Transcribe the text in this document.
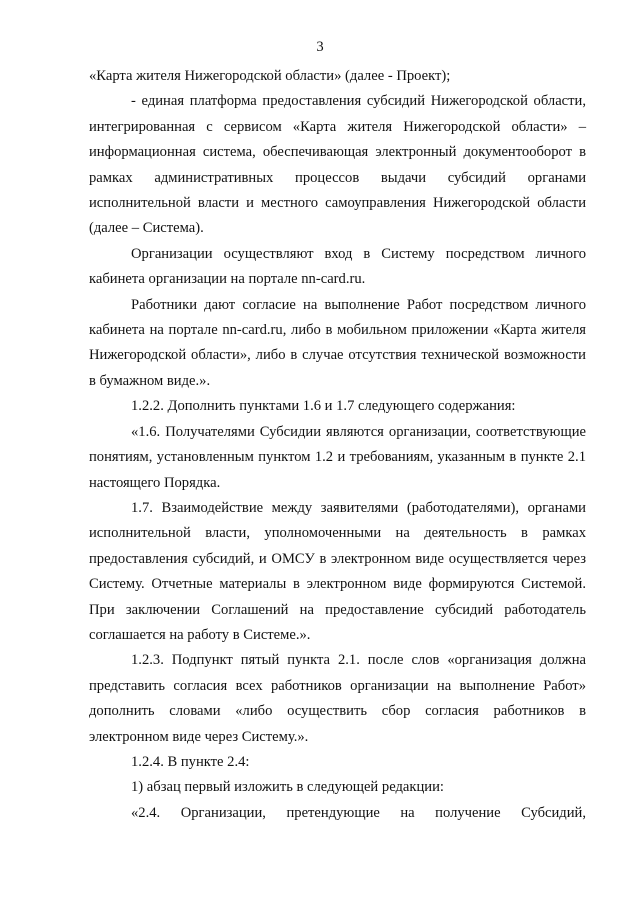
3

«Карта жителя Нижегородской области» (далее - Проект);

- единая платформа предоставления субсидий Нижегородской области, интегрированная с сервисом «Карта жителя Нижегородской области» – информационная система, обеспечивающая электронный документооборот в рамках административных процессов выдачи субсидий органами исполнительной власти и местного самоуправления Нижегородской области (далее – Система).

Организации осуществляют вход в Систему посредством личного кабинета организации на портале nn-card.ru.

Работники дают согласие на выполнение Работ посредством личного кабинета на портале nn-card.ru, либо в мобильном приложении «Карта жителя Нижегородской области», либо в случае отсутствия технической возможности в бумажном виде.».

1.2.2. Дополнить пунктами 1.6 и 1.7 следующего содержания:

«1.6. Получателями Субсидии являются организации, соответствующие понятиям, установленным пунктом 1.2 и требованиям, указанным в пункте 2.1 настоящего Порядка.

1.7. Взаимодействие между заявителями (работодателями), органами исполнительной власти, уполномоченными на деятельность в рамках предоставления субсидий, и ОМСУ в электронном виде осуществляется через Систему. Отчетные материалы в электронном виде формируются Системой. При заключении Соглашений на предоставление субсидий работодатель соглашается на работу в Системе.».

1.2.3. Подпункт пятый пункта 2.1. после слов «организация должна представить согласия всех работников организации на выполнение Работ» дополнить словами «либо осуществить сбор согласия работников в электронном виде через Систему.».

1.2.4. В пункте 2.4:

1) абзац первый изложить в следующей редакции:

«2.4. Организации, претендующие на получение Субсидий,
